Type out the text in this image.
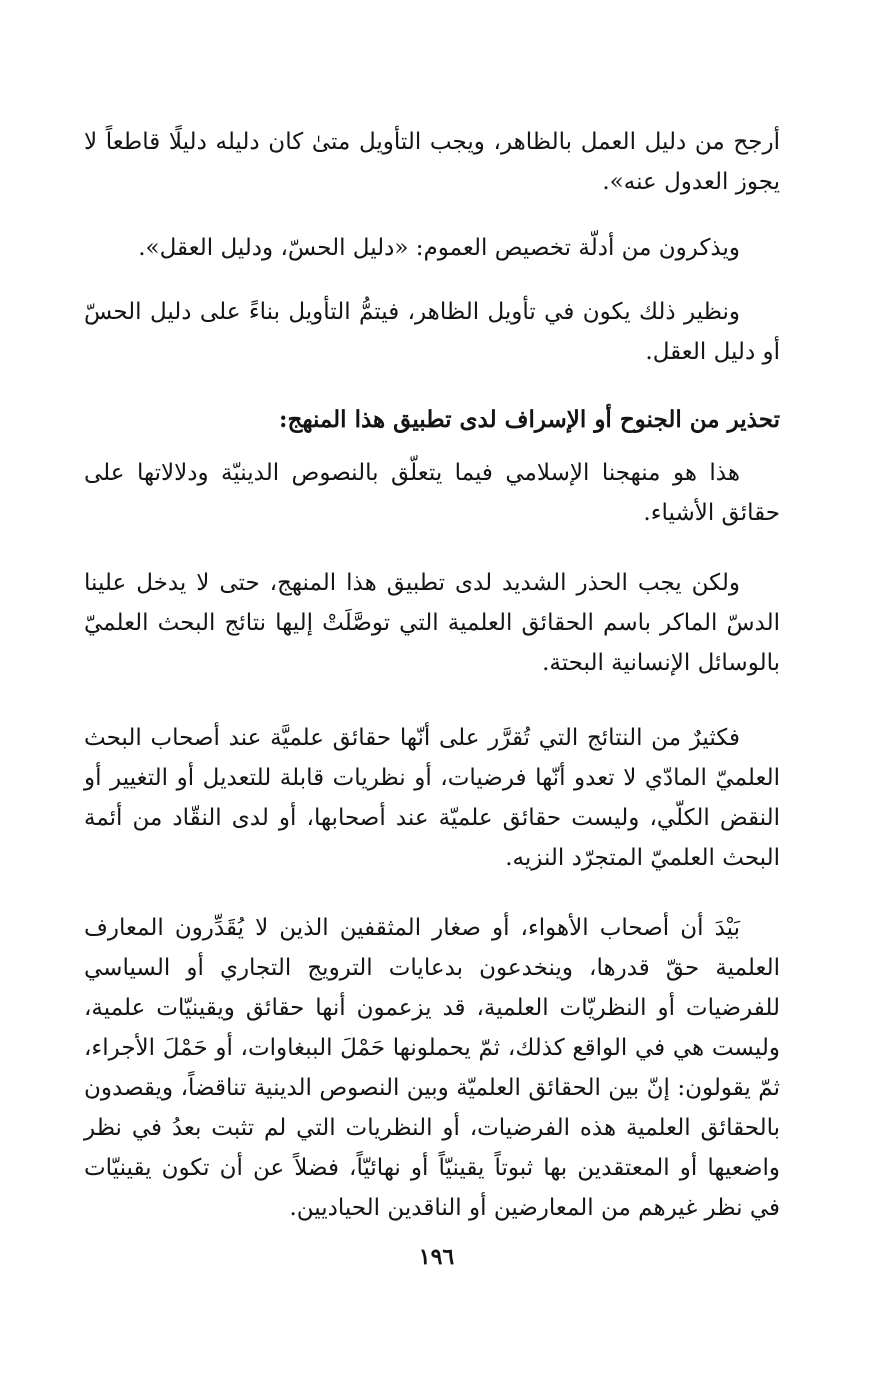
أرجح من دليل العمل بالظاهر، ويجب التأويل متىٰ كان دليله دليلًا قاطعاً لا يجوز العدول عنه».

ويذكرون من أدلّة تخصيص العموم: «دليل الحسّ، ودليل العقل».

ونظير ذلك يكون في تأويل الظاهر، فيتمُّ التأويل بناءً على دليل الحسّ أو دليل العقل.

تحذير من الجنوح أو الإسراف لدى تطبيق هذا المنهج:

هذا هو منهجنا الإسلامي فيما يتعلّق بالنصوص الدينيّة ودلالاتها على حقائق الأشياء.

ولكن يجب الحذر الشديد لدى تطبيق هذا المنهج، حتى لا يدخل علينا الدسّ الماكر باسم الحقائق العلمية التي توصَّلَتْ إليها نتائج البحث العلميّ بالوسائل الإنسانية البحتة.

فكثيرٌ من النتائج التي تُقرَّر على أنّها حقائق علميَّة عند أصحاب البحث العلميّ المادّي لا تعدو أنّها فرضيات، أو نظريات قابلة للتعديل أو التغيير أو النقض الكلّي، وليست حقائق علميّة عند أصحابها، أو لدى النقّاد من أئمة البحث العلميّ المتجرّد النزيه.

بَيْدَ أن أصحاب الأهواء، أو صغار المثقفين الذين لا يُقَدِّرون المعارف العلمية حقّ قدرها، وينخدعون بدعايات الترويج التجاري أو السياسي للفرضيات أو النظريّات العلمية، قد يزعمون أنها حقائق ويقينيّات علمية، وليست هي في الواقع كذلك، ثمّ يحملونها حَمْلَ الببغاوات، أو حَمْلَ الأجراء، ثمّ يقولون: إنّ بين الحقائق العلميّة وبين النصوص الدينية تناقضاً، ويقصدون بالحقائق العلمية هذه الفرضيات، أو النظريات التي لم تثبت بعدُ في نظر واضعيها أو المعتقدين بها ثبوتاً يقينيّاً أو نهائيّاً، فضلاً عن أن تكون يقينيّات في نظر غيرهم من المعارضين أو الناقدين الحياديين.

١٩٦
